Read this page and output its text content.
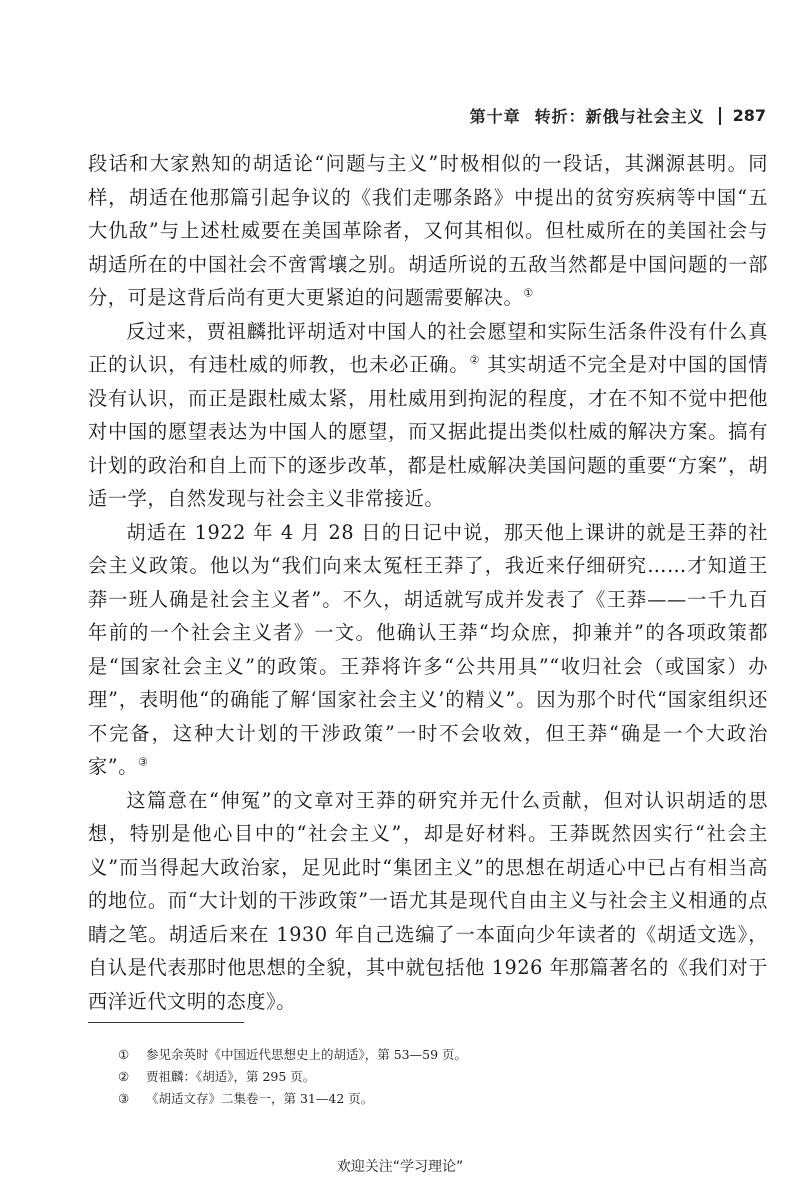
第十章 转折：新俄与社会主义 287

段话和大家熟知的胡适论“问题与主义”时极相似的一段话，其渊源甚明。同样，胡适在他那篇引起争议的《我们走哪条路》中提出的贫穷疾病等中国“五大仇敌”与上述杜威要在美国革除者，又何其相似。但杜威所在的美国社会与胡适所在的中国社会不啻霄壤之别。胡适所说的五敌当然都是中国问题的一部分，可是这背后尚有更大更紧迫的问题需要解决。①

反过来，贾祖麟批评胡适对中国人的社会愿望和实际生活条件没有什么真正的认识，有违杜威的师教，也未必正确。② 其实胡适不完全是对中国的国情没有认识，而正是跟杜威太紧，用杜威用到拘泥的程度，才在不知不觉中把他对中国的愿望表达为中国人的愿望，而又据此提出类似杜威的解决方案。搞有计划的政治和自上而下的逐步改革，都是杜威解决美国问题的重要“方案”，胡适一学，自然发现与社会主义非常接近。

胡适在 1922 年 4 月 28 日的日记中说，那天他上课讲的就是王莽的社会主义政策。他以为“我们向来太冤枉王莽了，我近来仔细研究……才知道王莽一班人确是社会主义者”。不久，胡适就写成并发表了《王莽——一千九百年前的一个社会主义者》一文。他确认王莽“均众庶，抑兼并”的各项政策都是“国家社会主义”的政策。王莽将许多“公共用具”“收归社会（或国家）办理”，表明他“的确能了解‘国家社会主义’的精义”。因为那个时代“国家组织还不完备，这种大计划的干涉政策”一时不会收效，但王莽“确是一个大政治家”。③

这篇意在“伸冤”的文章对王莽的研究并无什么贡献，但对认识胡适的思想，特别是他心目中的“社会主义”，却是好材料。王莽既然因实行“社会主义”而当得起大政治家，足见此时“集团主义”的思想在胡适心中已占有相当高的地位。而“大计划的干涉政策”一语尤其是现代自由主义与社会主义相通的点睛之笔。胡适后来在 1930 年自己选编了一本面向少年读者的《胡适文选》，自认是代表那时他思想的全貌，其中就包括他 1926 年那篇著名的《我们对于西洋近代文明的态度》。

①	参见余英时《中国近代思想史上的胡适》，第 53—59 页。

②	贾祖麟：《胡适》，第 295 页。

③	《胡适文存》二集卷一，第 31—42 页。

欢迎关注“学习理论”
